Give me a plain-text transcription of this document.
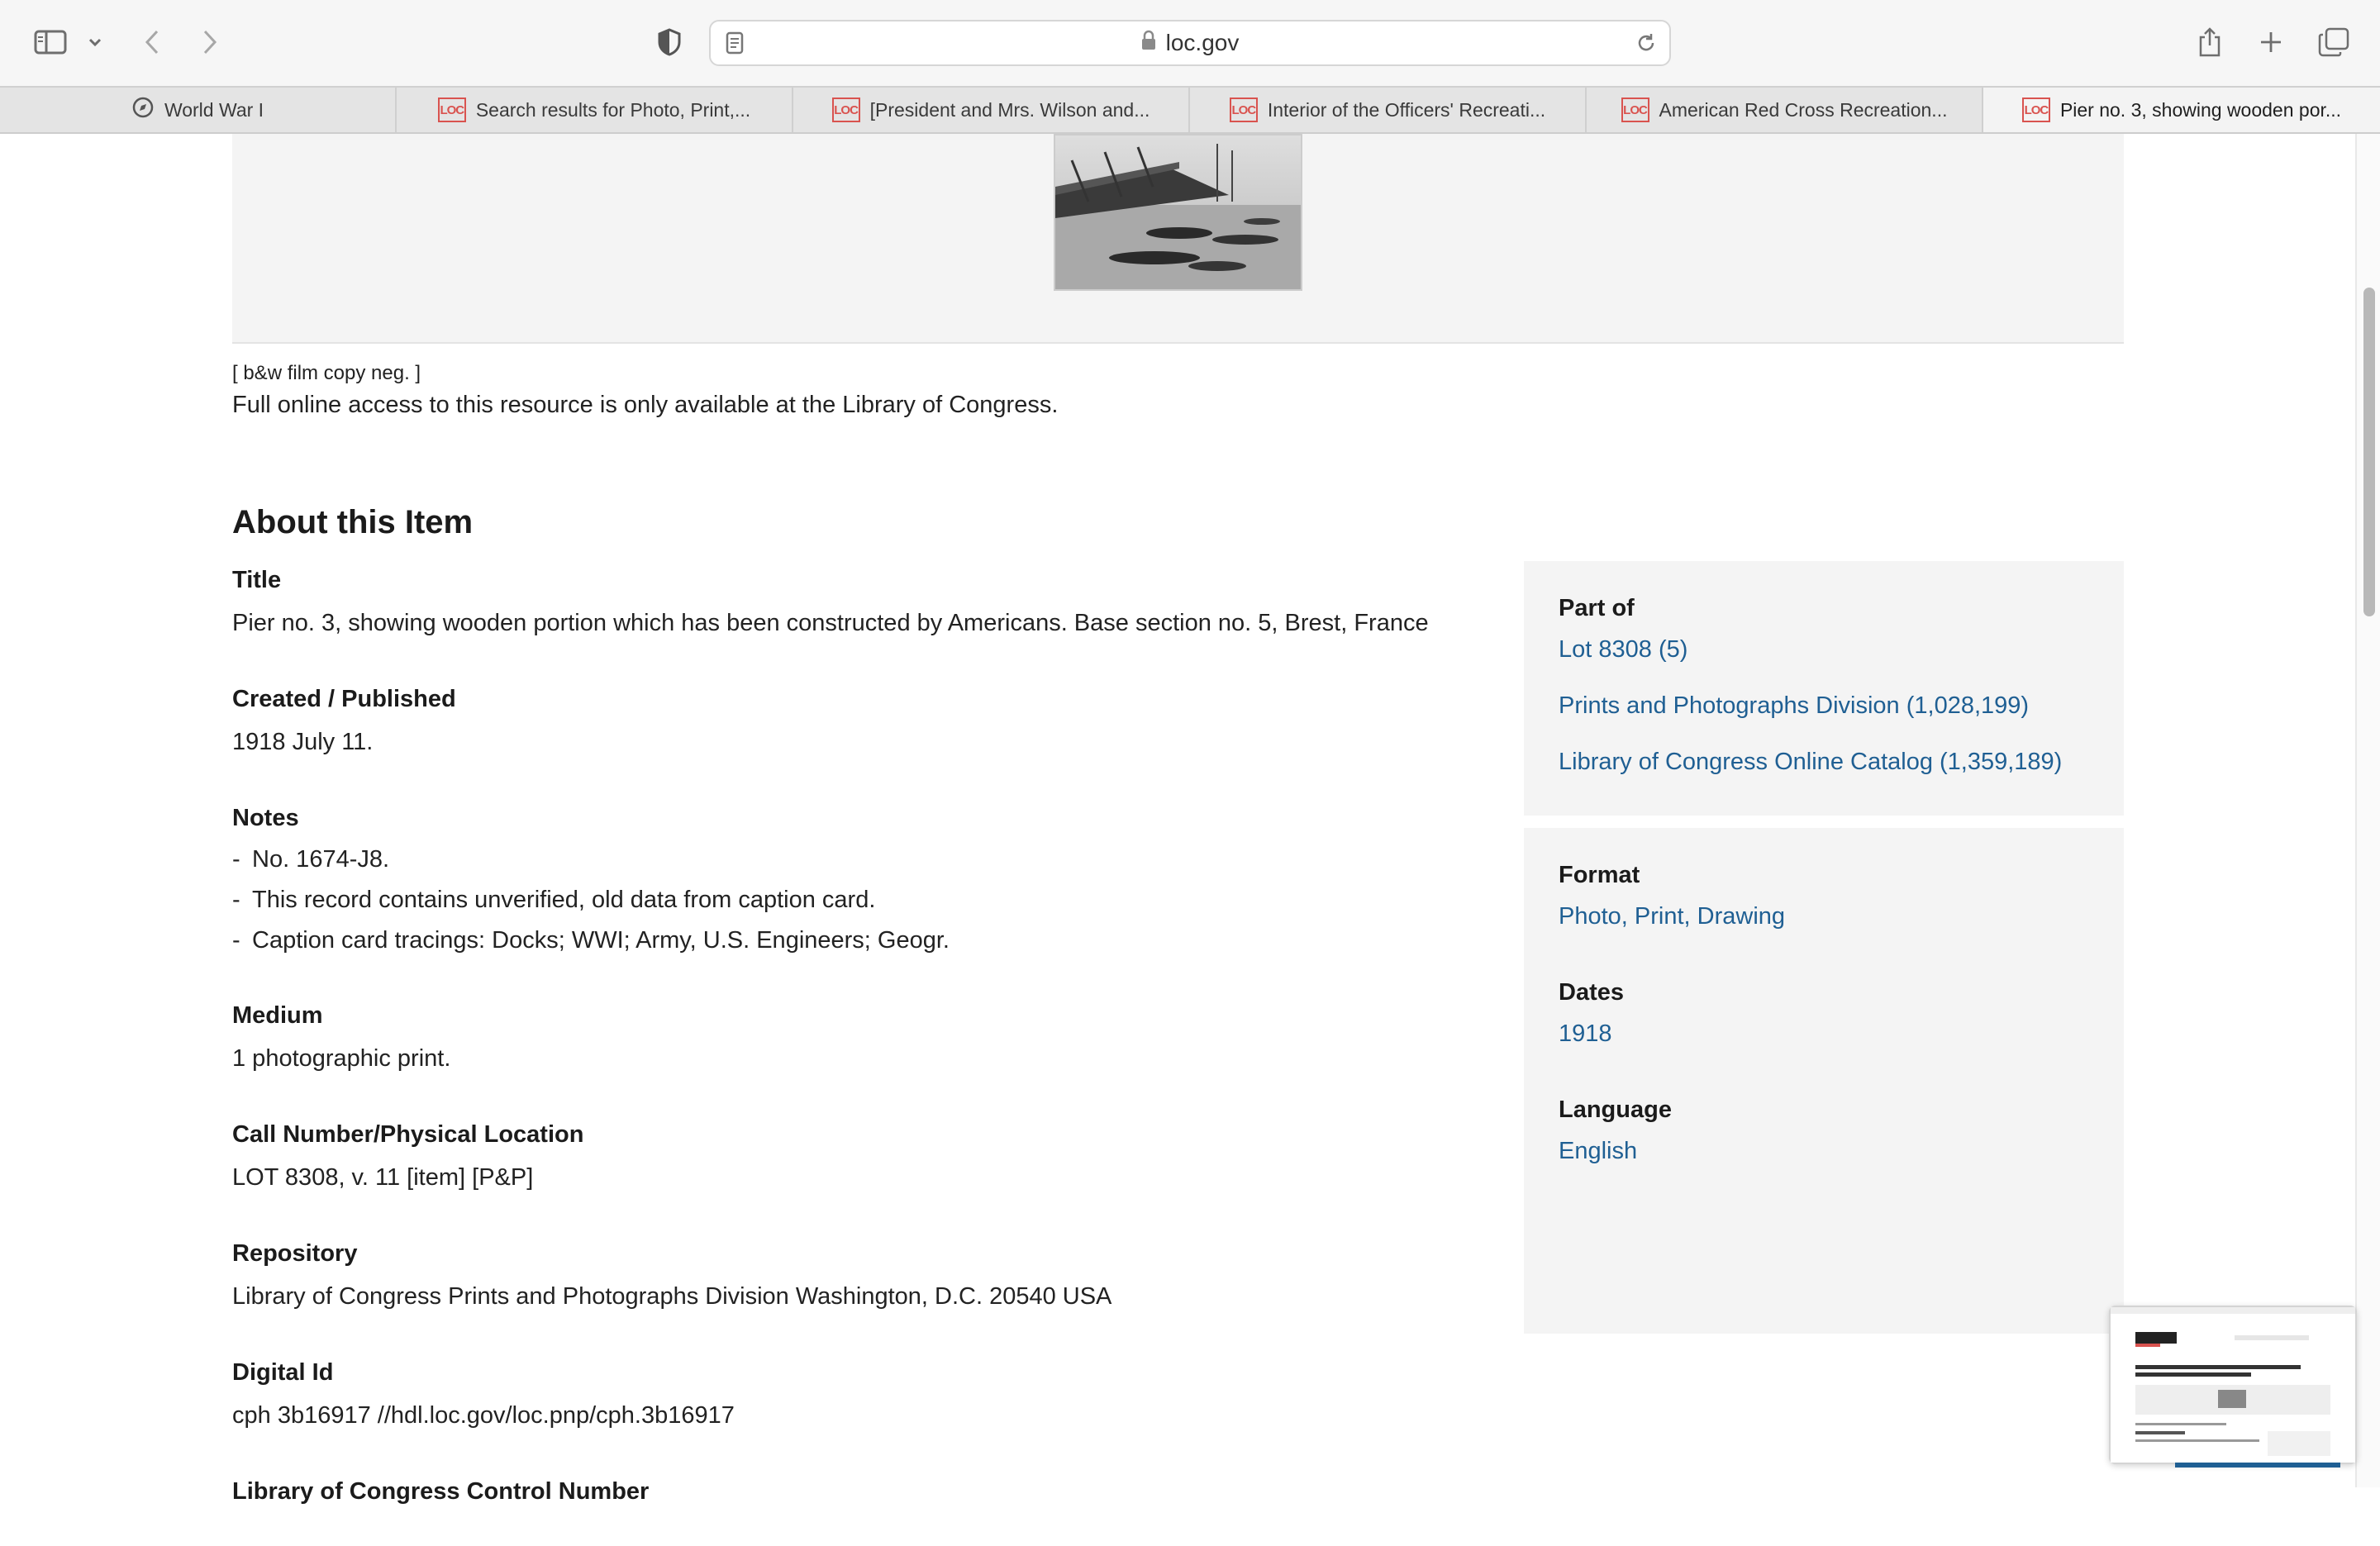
loc.gov
World War I	LOC Search results for Photo, Print,...	LOC [President and Mrs. Wilson and...	LOC Interior of the Officers' Recreati...	LOC American Red Cross Recreation...	LOC Pier no. 3, showing wooden por...
[ b&w film copy neg. ]
Full online access to this resource is only available at the Library of Congress.
About this Item
Title
Pier no. 3, showing wooden portion which has been constructed by Americans. Base section no. 5, Brest, France
Created / Published
1918 July 11.
Notes
- No. 1674-J8.
- This record contains unverified, old data from caption card.
- Caption card tracings: Docks; WWI; Army, U.S. Engineers; Geogr.
Medium
1 photographic print.
Call Number/Physical Location
LOT 8308, v. 11 [item] [P&P]
Repository
Library of Congress Prints and Photographs Division Washington, D.C. 20540 USA
Digital Id
cph 3b16917 //hdl.loc.gov/loc.pnp/cph.3b16917
Library of Congress Control Number
Part of
Lot 8308 (5)
Prints and Photographs Division (1,028,199)
Library of Congress Online Catalog (1,359,189)
Format
Photo, Print, Drawing
Dates
1918
Language
English
